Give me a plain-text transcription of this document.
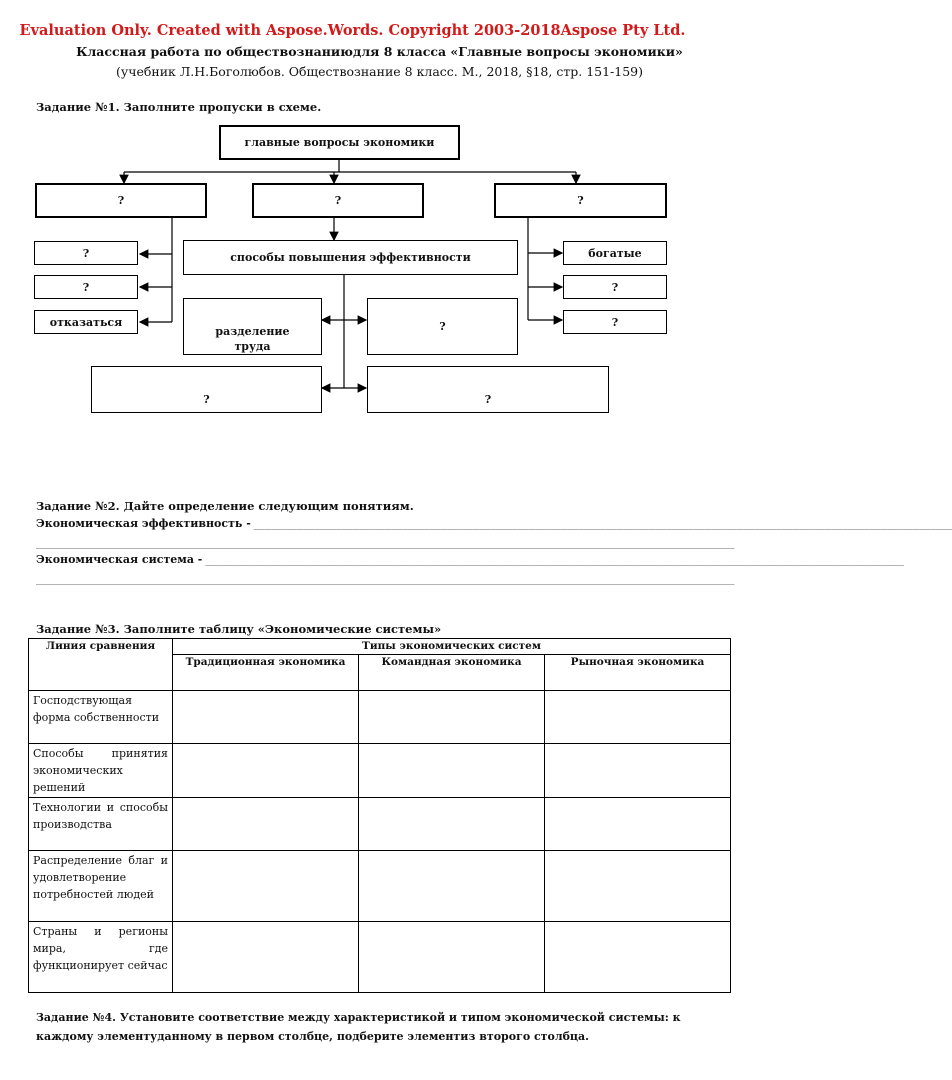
Evaluation Only. Created with Aspose.Words. Copyright 2003-2018Aspose Pty Ltd.
Классная работа по обществознаниюдля 8 класса «Главные вопросы экономики»
(учебник Л.Н.Боголюбов. Обществознание 8 класс. М., 2018, §18, стр. 151-159)
Задание №1. Заполните пропуски в схеме.
главные вопросы экономики
?	?	?
?
?
отказаться
способы повышения эффективности
разделение труда
?
?	?
богатые
?
?
Задание №2. Дайте определение следующим понятиям.
Экономическая эффективность - _______________________________________________________________________________________________________________________________
_______________________________________________________________________________________________________________________________
Экономическая система - _______________________________________________________________________________________________________________________________
_______________________________________________________________________________________________________________________________
Задание №3. Заполните таблицу «Экономические системы»
Линия сравнения	Типы экономических систем		
	Традиционная экономика	Командная экономика	Рыночная экономика
Господствующая форма собственности			
Способы принятия экономических решений			
Технологии и способы производства			
Распределение благ и удовлетворение потребностей людей			
Страны и регионы мира, где функционирует сейчас			
Задание №4. Установите соответствие между характеристикой и типом экономической системы: к каждому элементуданному в первом столбце, подберите элементиз второго столбца.
